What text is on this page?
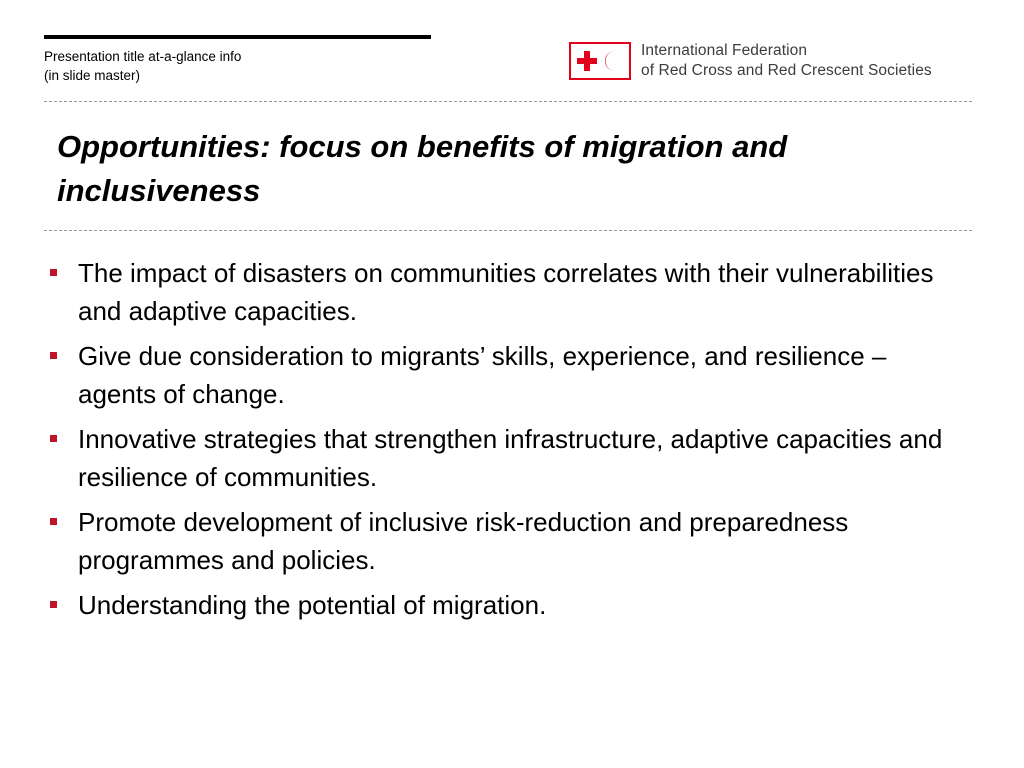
Presentation title at-a-glance info
(in slide master)
International Federation
of Red Cross and Red Crescent Societies
Opportunities: focus on benefits of migration and inclusiveness
The impact of disasters on communities correlates with their vulnerabilities and adaptive capacities.
Give due consideration to migrants’ skills, experience, and resilience – agents of change.
Innovative strategies that strengthen infrastructure, adaptive capacities and resilience of communities.
Promote development of inclusive risk-reduction and preparedness programmes and policies.
Understanding the potential of migration.
